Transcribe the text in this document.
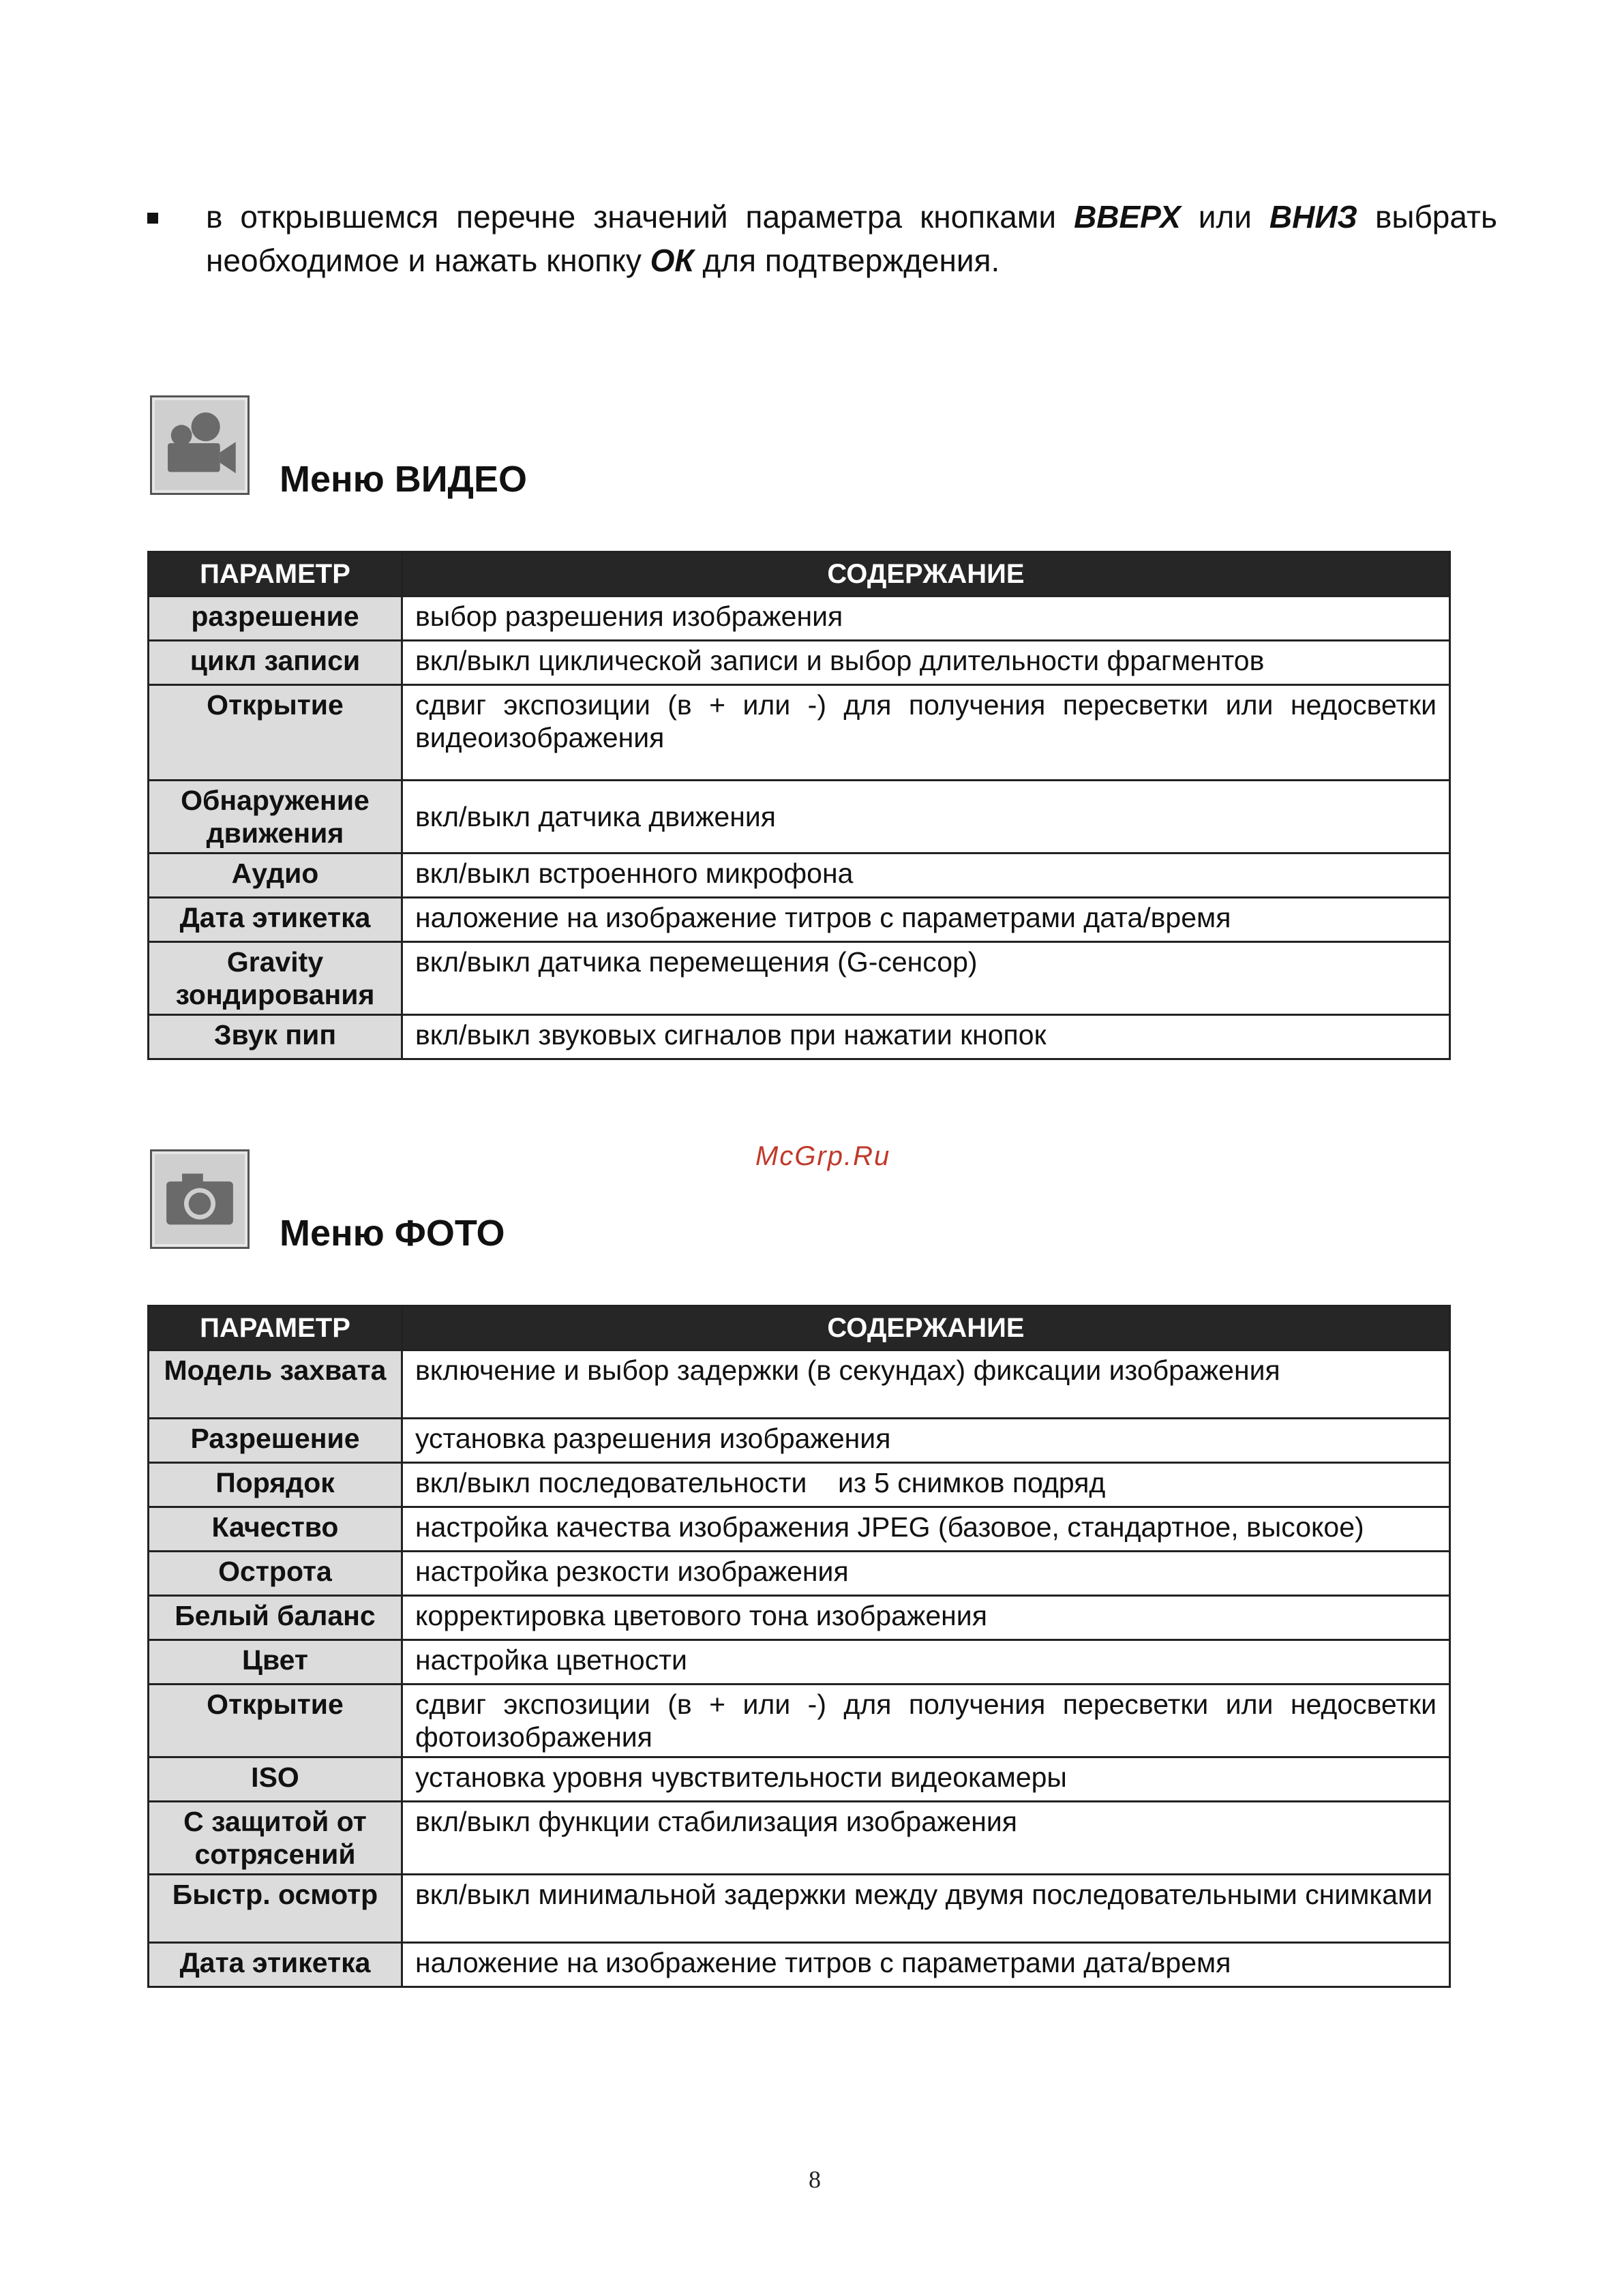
в открывшемся перечне значений параметра кнопками ВВЕРХ или ВНИЗ выбрать необходимое и нажать кнопку ОК для подтверждения.
Меню ВИДЕО
ПАРАМЕТР	СОДЕРЖАНИЕ
разрешение	выбор разрешения изображения
цикл записи	вкл/выкл циклической записи и выбор длительности фрагментов
Открытие	сдвиг экспозиции (в + или -) для получения пересветки или недосветки видеоизображения
Обнаружение движения	вкл/выкл датчика движения
Аудио	вкл/выкл встроенного микрофона
Дата этикетка	наложение на изображение титров с параметрами дата/время
Gravity зондирования	вкл/выкл датчика перемещения (G-сенсор)
Звук пип	вкл/выкл звуковых сигналов при нажатии кнопок
McGrp.Ru
Меню ФОТО
ПАРАМЕТР	СОДЕРЖАНИЕ
Модель захвата	включение и выбор задержки (в секундах) фиксации изображения
Разрешение	установка разрешения изображения
Порядок	вкл/выкл последовательности    из 5 снимков подряд
Качество	настройка качества изображения JPEG (базовое, стандартное, высокое)
Острота	настройка резкости изображения
Белый баланс	корректировка цветового тона изображения
Цвет	настройка цветности
Открытие	сдвиг экспозиции (в + или -) для получения пересветки или недосветки фотоизображения
ISO	установка уровня чувствительности видеокамеры
С защитой от сотрясений	вкл/выкл функции стабилизация изображения
Быстр. осмотр	вкл/выкл минимальной задержки между двумя последовательными снимками
Дата этикетка	наложение на изображение титров с параметрами дата/время
8
